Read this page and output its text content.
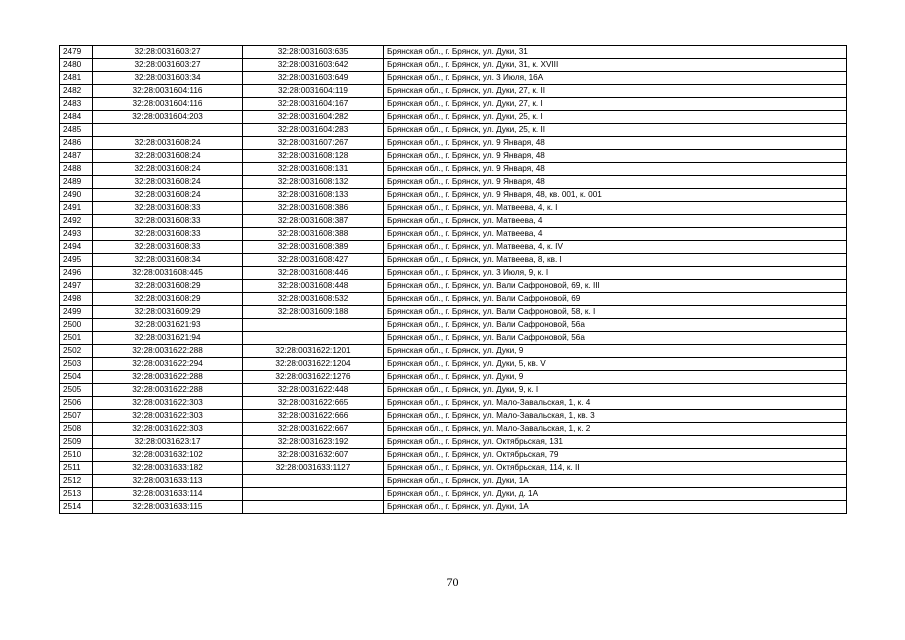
2479	32:28:0031603:27	32:28:0031603:635	Брянская обл., г. Брянск, ул. Дуки, 31
2480	32:28:0031603:27	32:28:0031603:642	Брянская обл., г. Брянск, ул. Дуки, 31, к. XVIII
2481	32:28:0031603:34	32:28:0031603:649	Брянская обл., г. Брянск, ул. 3 Июля, 16А
2482	32:28:0031604:116	32:28:0031604:119	Брянская обл., г. Брянск, ул. Дуки, 27, к. II
2483	32:28:0031604:116	32:28:0031604:167	Брянская обл., г. Брянск, ул. Дуки, 27, к. I
2484	32:28:0031604:203	32:28:0031604:282	Брянская обл., г. Брянск, ул. Дуки, 25, к. I
2485		32:28:0031604:283	Брянская обл., г. Брянск, ул. Дуки, 25, к. II
2486	32:28:0031608:24	32:28:0031607:267	Брянская обл., г. Брянск, ул. 9 Января, 48
2487	32:28:0031608:24	32:28:0031608:128	Брянская обл., г. Брянск, ул. 9 Января, 48
2488	32:28:0031608:24	32:28:0031608:131	Брянская обл., г. Брянск, ул. 9 Января, 48
2489	32:28:0031608:24	32:28:0031608:132	Брянская обл., г. Брянск, ул. 9 Января, 48
2490	32:28:0031608:24	32:28:0031608:133	Брянская обл., г. Брянск, ул. 9 Января, 48, кв. 001, к. 001
2491	32:28:0031608:33	32:28:0031608:386	Брянская обл., г. Брянск, ул. Матвеева, 4, к. I
2492	32:28:0031608:33	32:28:0031608:387	Брянская обл., г. Брянск, ул. Матвеева, 4
2493	32:28:0031608:33	32:28:0031608:388	Брянская обл., г. Брянск, ул. Матвеева, 4
2494	32:28:0031608:33	32:28:0031608:389	Брянская обл., г. Брянск, ул. Матвеева, 4, к. IV
2495	32:28:0031608:34	32:28:0031608:427	Брянская обл., г. Брянск, ул. Матвеева, 8, кв. I
2496	32:28:0031608:445	32:28:0031608:446	Брянская обл., г. Брянск, ул. 3 Июля, 9, к. I
2497	32:28:0031608:29	32:28:0031608:448	Брянская обл., г. Брянск, ул. Вали Сафроновой, 69, к. III
2498	32:28:0031608:29	32:28:0031608:532	Брянская обл., г. Брянск, ул. Вали Сафроновой, 69
2499	32:28:0031609:29	32:28:0031609:188	Брянская обл., г. Брянск, ул. Вали Сафроновой, 58, к. I
2500	32:28:0031621:93		Брянская обл., г. Брянск, ул. Вали Сафроновой, 56а
2501	32:28:0031621:94		Брянская обл., г. Брянск, ул. Вали Сафроновой, 56а
2502	32:28:0031622:288	32:28:0031622:1201	Брянская обл., г. Брянск, ул. Дуки, 9
2503	32:28:0031622:294	32:28:0031622:1204	Брянская обл., г. Брянск, ул. Дуки, 5, кв. V
2504	32:28:0031622:288	32:28:0031622:1276	Брянская обл., г. Брянск, ул. Дуки, 9
2505	32:28:0031622:288	32:28:0031622:448	Брянская обл., г. Брянск, ул. Дуки, 9, к. I
2506	32:28:0031622:303	32:28:0031622:665	Брянская обл., г. Брянск, ул. Мало-Завальская, 1, к. 4
2507	32:28:0031622:303	32:28:0031622:666	Брянская обл., г. Брянск, ул. Мало-Завальская, 1, кв. 3
2508	32:28:0031622:303	32:28:0031622:667	Брянская обл., г. Брянск, ул. Мало-Завальская, 1, к. 2
2509	32:28:0031623:17	32:28:0031623:192	Брянская обл., г. Брянск, ул. Октябрьская, 131
2510	32:28:0031632:102	32:28:0031632:607	Брянская обл., г. Брянск, ул. Октябрьская, 79
2511	32:28:0031633:182	32:28:0031633:1127	Брянская обл., г. Брянск, ул. Октябрьская, 114, к. II
2512	32:28:0031633:113		Брянская обл., г. Брянск, ул. Дуки, 1А
2513	32:28:0031633:114		Брянская обл., г. Брянск, ул. Дуки, д. 1А
2514	32:28:0031633:115		Брянская обл., г. Брянск, ул. Дуки, 1А
70
